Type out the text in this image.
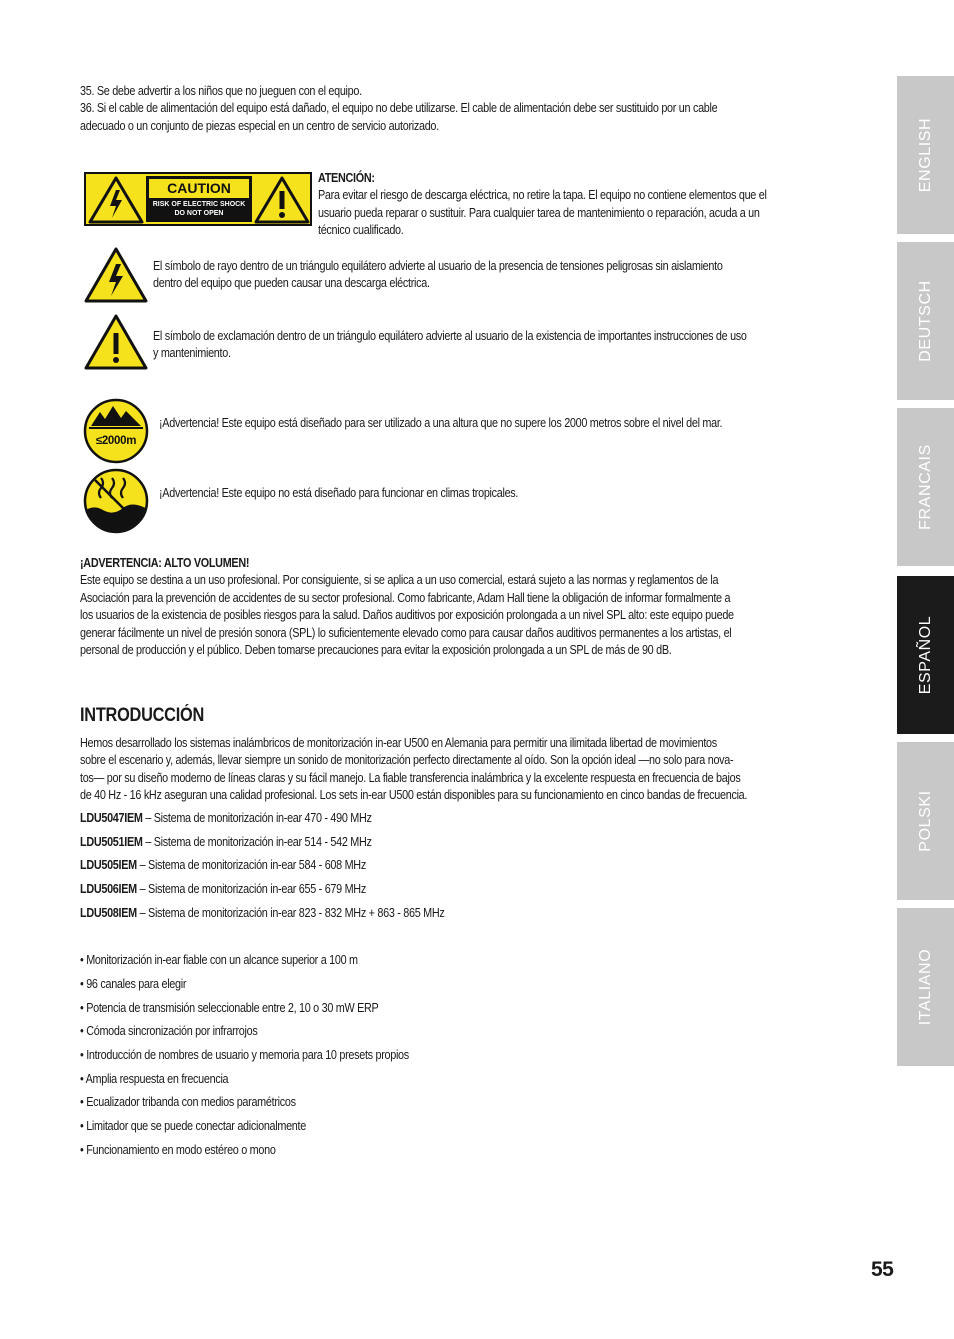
35. Se debe advertir a los niños que no jueguen con el equipo.
36. Si el cable de alimentación del equipo está dañado, el equipo no debe utilizarse. El cable de alimentación debe ser sustituido por un cable
adecuado o un conjunto de piezas especial en un centro de servicio autorizado.
CAUTION
RISK OF ELECTRIC SHOCK
DO NOT OPEN
ATENCIÓN:
Para evitar el riesgo de descarga eléctrica, no retire la tapa. El equipo no contiene elementos que el
usuario pueda reparar o sustituir. Para cualquier tarea de mantenimiento o reparación, acuda a un
técnico cualificado.
El símbolo de rayo dentro de un triángulo equilátero advierte al usuario de la presencia de tensiones peligrosas sin aislamiento
dentro del equipo que pueden causar una descarga eléctrica.
El símbolo de exclamación dentro de un triángulo equilátero advierte al usuario de la existencia de importantes instrucciones de uso
y mantenimiento.
≤2000m
¡Advertencia! Este equipo está diseñado para ser utilizado a una altura que no supere los 2000 metros sobre el nivel del mar.
¡Advertencia! Este equipo no está diseñado para funcionar en climas tropicales.
¡ADVERTENCIA: ALTO VOLUMEN!
Este equipo se destina a un uso profesional. Por consiguiente, si se aplica a un uso comercial, estará sujeto a las normas y reglamentos de la
Asociación para la prevención de accidentes de su sector profesional. Como fabricante, Adam Hall tiene la obligación de informar formalmente a
los usuarios de la existencia de posibles riesgos para la salud. Daños auditivos por exposición prolongada a un nivel SPL alto: este equipo puede
generar fácilmente un nivel de presión sonora (SPL) lo suficientemente elevado como para causar daños auditivos permanentes a los artistas, el
personal de producción y el público. Deben tomarse precauciones para evitar la exposición prolongada a un SPL de más de 90 dB.
INTRODUCCIÓN
Hemos desarrollado los sistemas inalámbricos de monitorización in-ear U500 en Alemania para permitir una ilimitada libertad de movimientos
sobre el escenario y, además, llevar siempre un sonido de monitorización perfecto directamente al oído. Son la opción ideal —no solo para nova-
tos— por su diseño moderno de líneas claras y su fácil manejo. La fiable transferencia inalámbrica y la excelente respuesta en frecuencia de bajos
de 40 Hz - 16 kHz aseguran una calidad profesional. Los sets in-ear U500 están disponibles para su funcionamiento en cinco bandas de frecuencia.
LDU5047IEM – Sistema de monitorización in-ear 470 - 490 MHz
LDU5051IEM – Sistema de monitorización in-ear 514 - 542 MHz
LDU505IEM – Sistema de monitorización in-ear 584 - 608 MHz
LDU506IEM – Sistema de monitorización in-ear 655 - 679 MHz
LDU508IEM – Sistema de monitorización in-ear 823 - 832 MHz + 863 - 865 MHz
• Monitorización in-ear fiable con un alcance superior a 100 m
• 96 canales para elegir
• Potencia de transmisión seleccionable entre 2, 10 o 30 mW ERP
• Cómoda sincronización por infrarrojos
• Introducción de nombres de usuario y memoria para 10 presets propios
• Amplia respuesta en frecuencia
• Ecualizador tribanda con medios paramétricos
• Limitador que se puede conectar adicionalmente
• Funcionamiento en modo estéreo o mono
ENGLISH
DEUTSCH
FRANCAIS
ESPAÑOL
POLSKI
ITALIANO
55
